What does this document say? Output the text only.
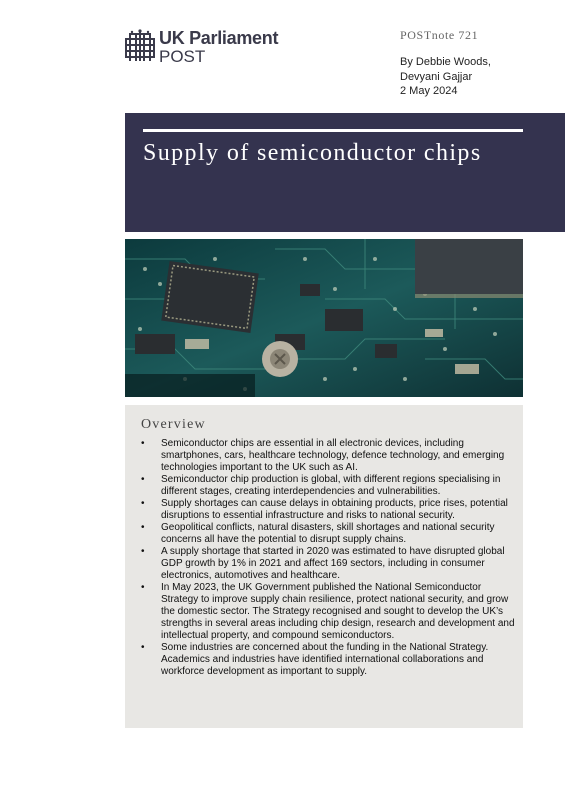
UK Parliament
POST
POSTnote 721
By Debbie Woods,
Devyani Gajjar
2 May 2024
Supply of semiconductor chips
Overview
• Semiconductor chips are essential in all electronic devices, including smartphones, cars, healthcare technology, defence technology, and emerging technologies important to the UK such as AI.
• Semiconductor chip production is global, with different regions specialising in different stages, creating interdependencies and vulnerabilities.
• Supply shortages can cause delays in obtaining products, price rises, potential disruptions to essential infrastructure and risks to national security.
• Geopolitical conflicts, natural disasters, skill shortages and national security concerns all have the potential to disrupt supply chains.
• A supply shortage that started in 2020 was estimated to have disrupted global GDP growth by 1% in 2021 and affect 169 sectors, including in consumer electronics, automotives and healthcare.
• In May 2023, the UK Government published the National Semiconductor Strategy to improve supply chain resilience, protect national security, and grow the domestic sector. The Strategy recognised and sought to develop the UK’s strengths in several areas including chip design, research and development and intellectual property, and compound semiconductors.
• Some industries are concerned about the funding in the National Strategy. Academics and industries have identified international collaborations and workforce development as important to supply.
